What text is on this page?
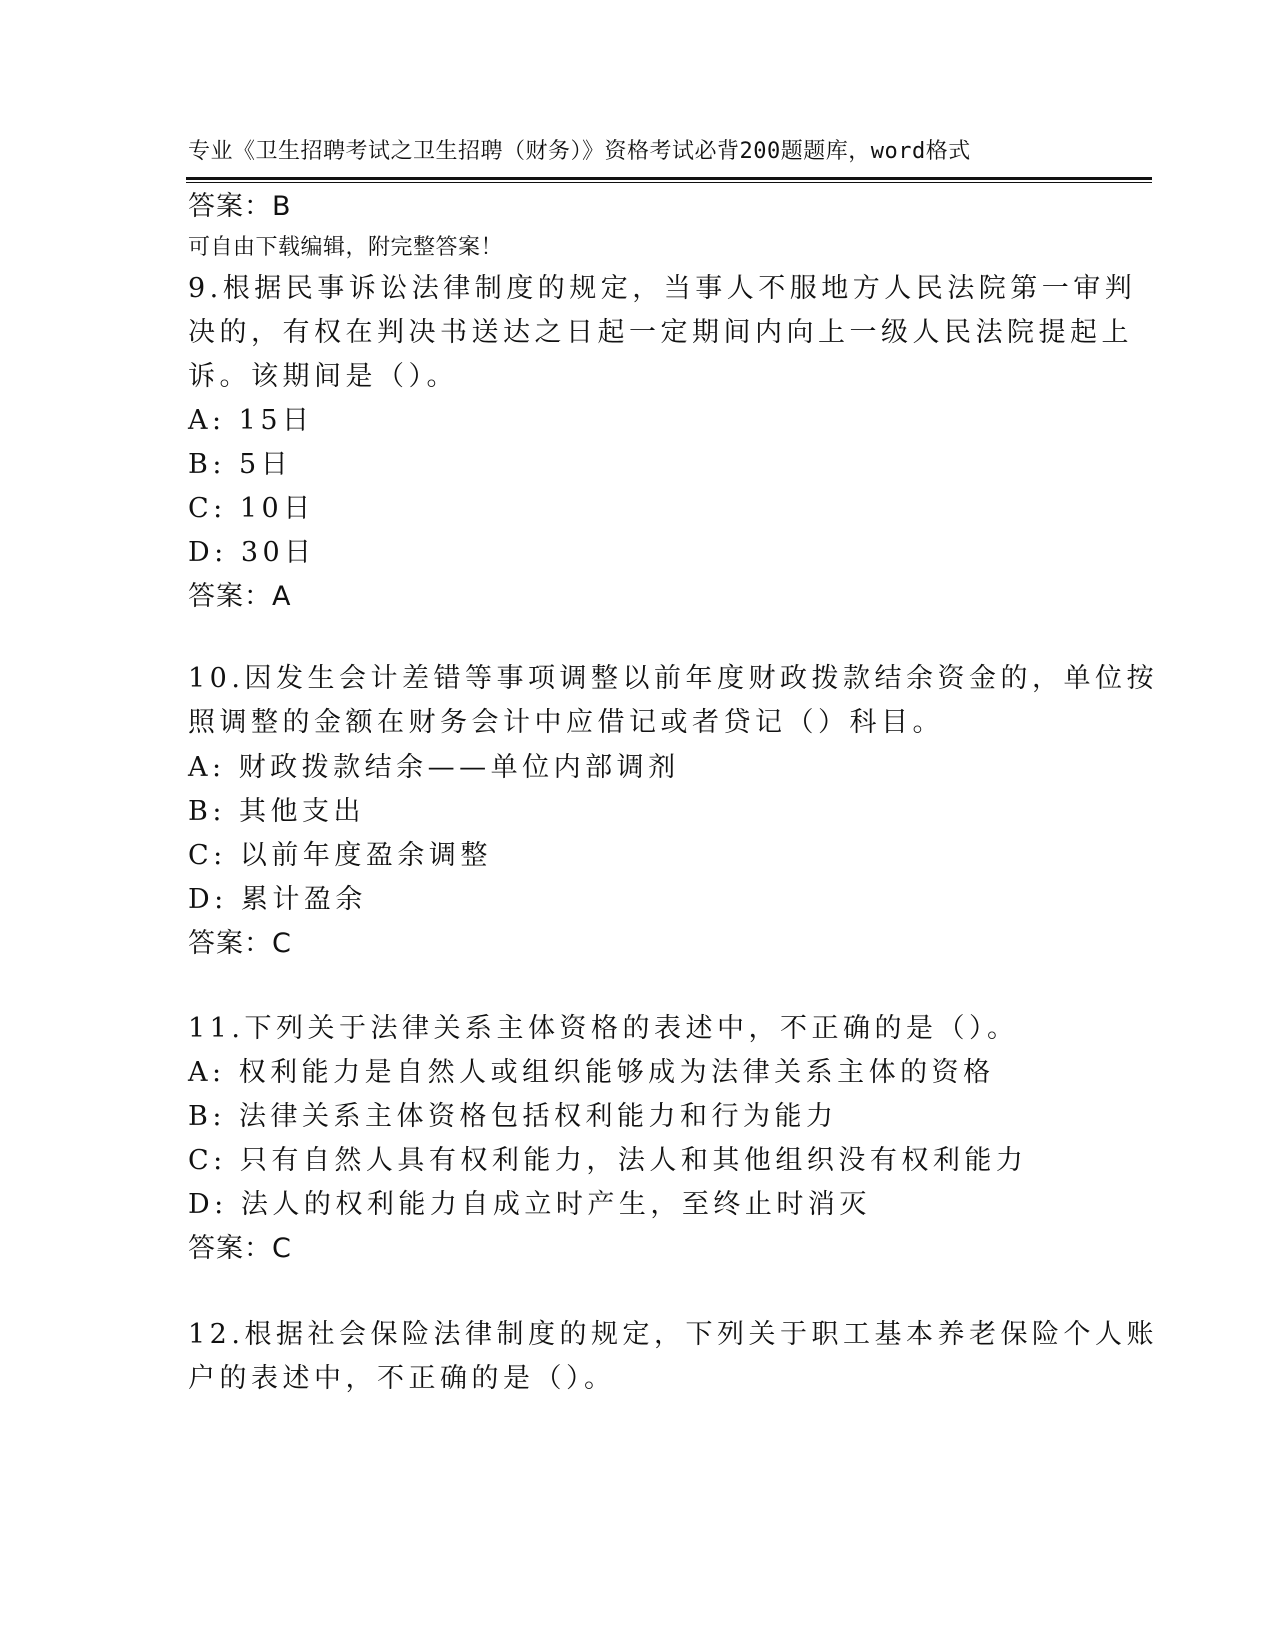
专业《卫生招聘考试之卫生招聘（财务）》资格考试必背200题题库，word格式

可自由下载编辑，附完整答案！

答案：B
9.根据民事诉讼法律制度的规定，当事人不服地方人民法院第一审判
决的，有权在判决书送达之日起一定期间内向上一级人民法院提起上
诉。该期间是（）。
A: 15日
B: 5日
C: 10日
D: 30日
答案：A
10.因发生会计差错等事项调整以前年度财政拨款结余资金的，单位按
照调整的金额在财务会计中应借记或者贷记（）科目。
A: 财政拨款结余——单位内部调剂
B: 其他支出
C: 以前年度盈余调整
D: 累计盈余
答案：C
11.下列关于法律关系主体资格的表述中，不正确的是（）。
A: 权利能力是自然人或组织能够成为法律关系主体的资格
B: 法律关系主体资格包括权利能力和行为能力
C: 只有自然人具有权利能力，法人和其他组织没有权利能力
D: 法人的权利能力自成立时产生，至终止时消灭
答案：C
12.根据社会保险法律制度的规定，下列关于职工基本养老保险个人账
户的表述中，不正确的是（）。
